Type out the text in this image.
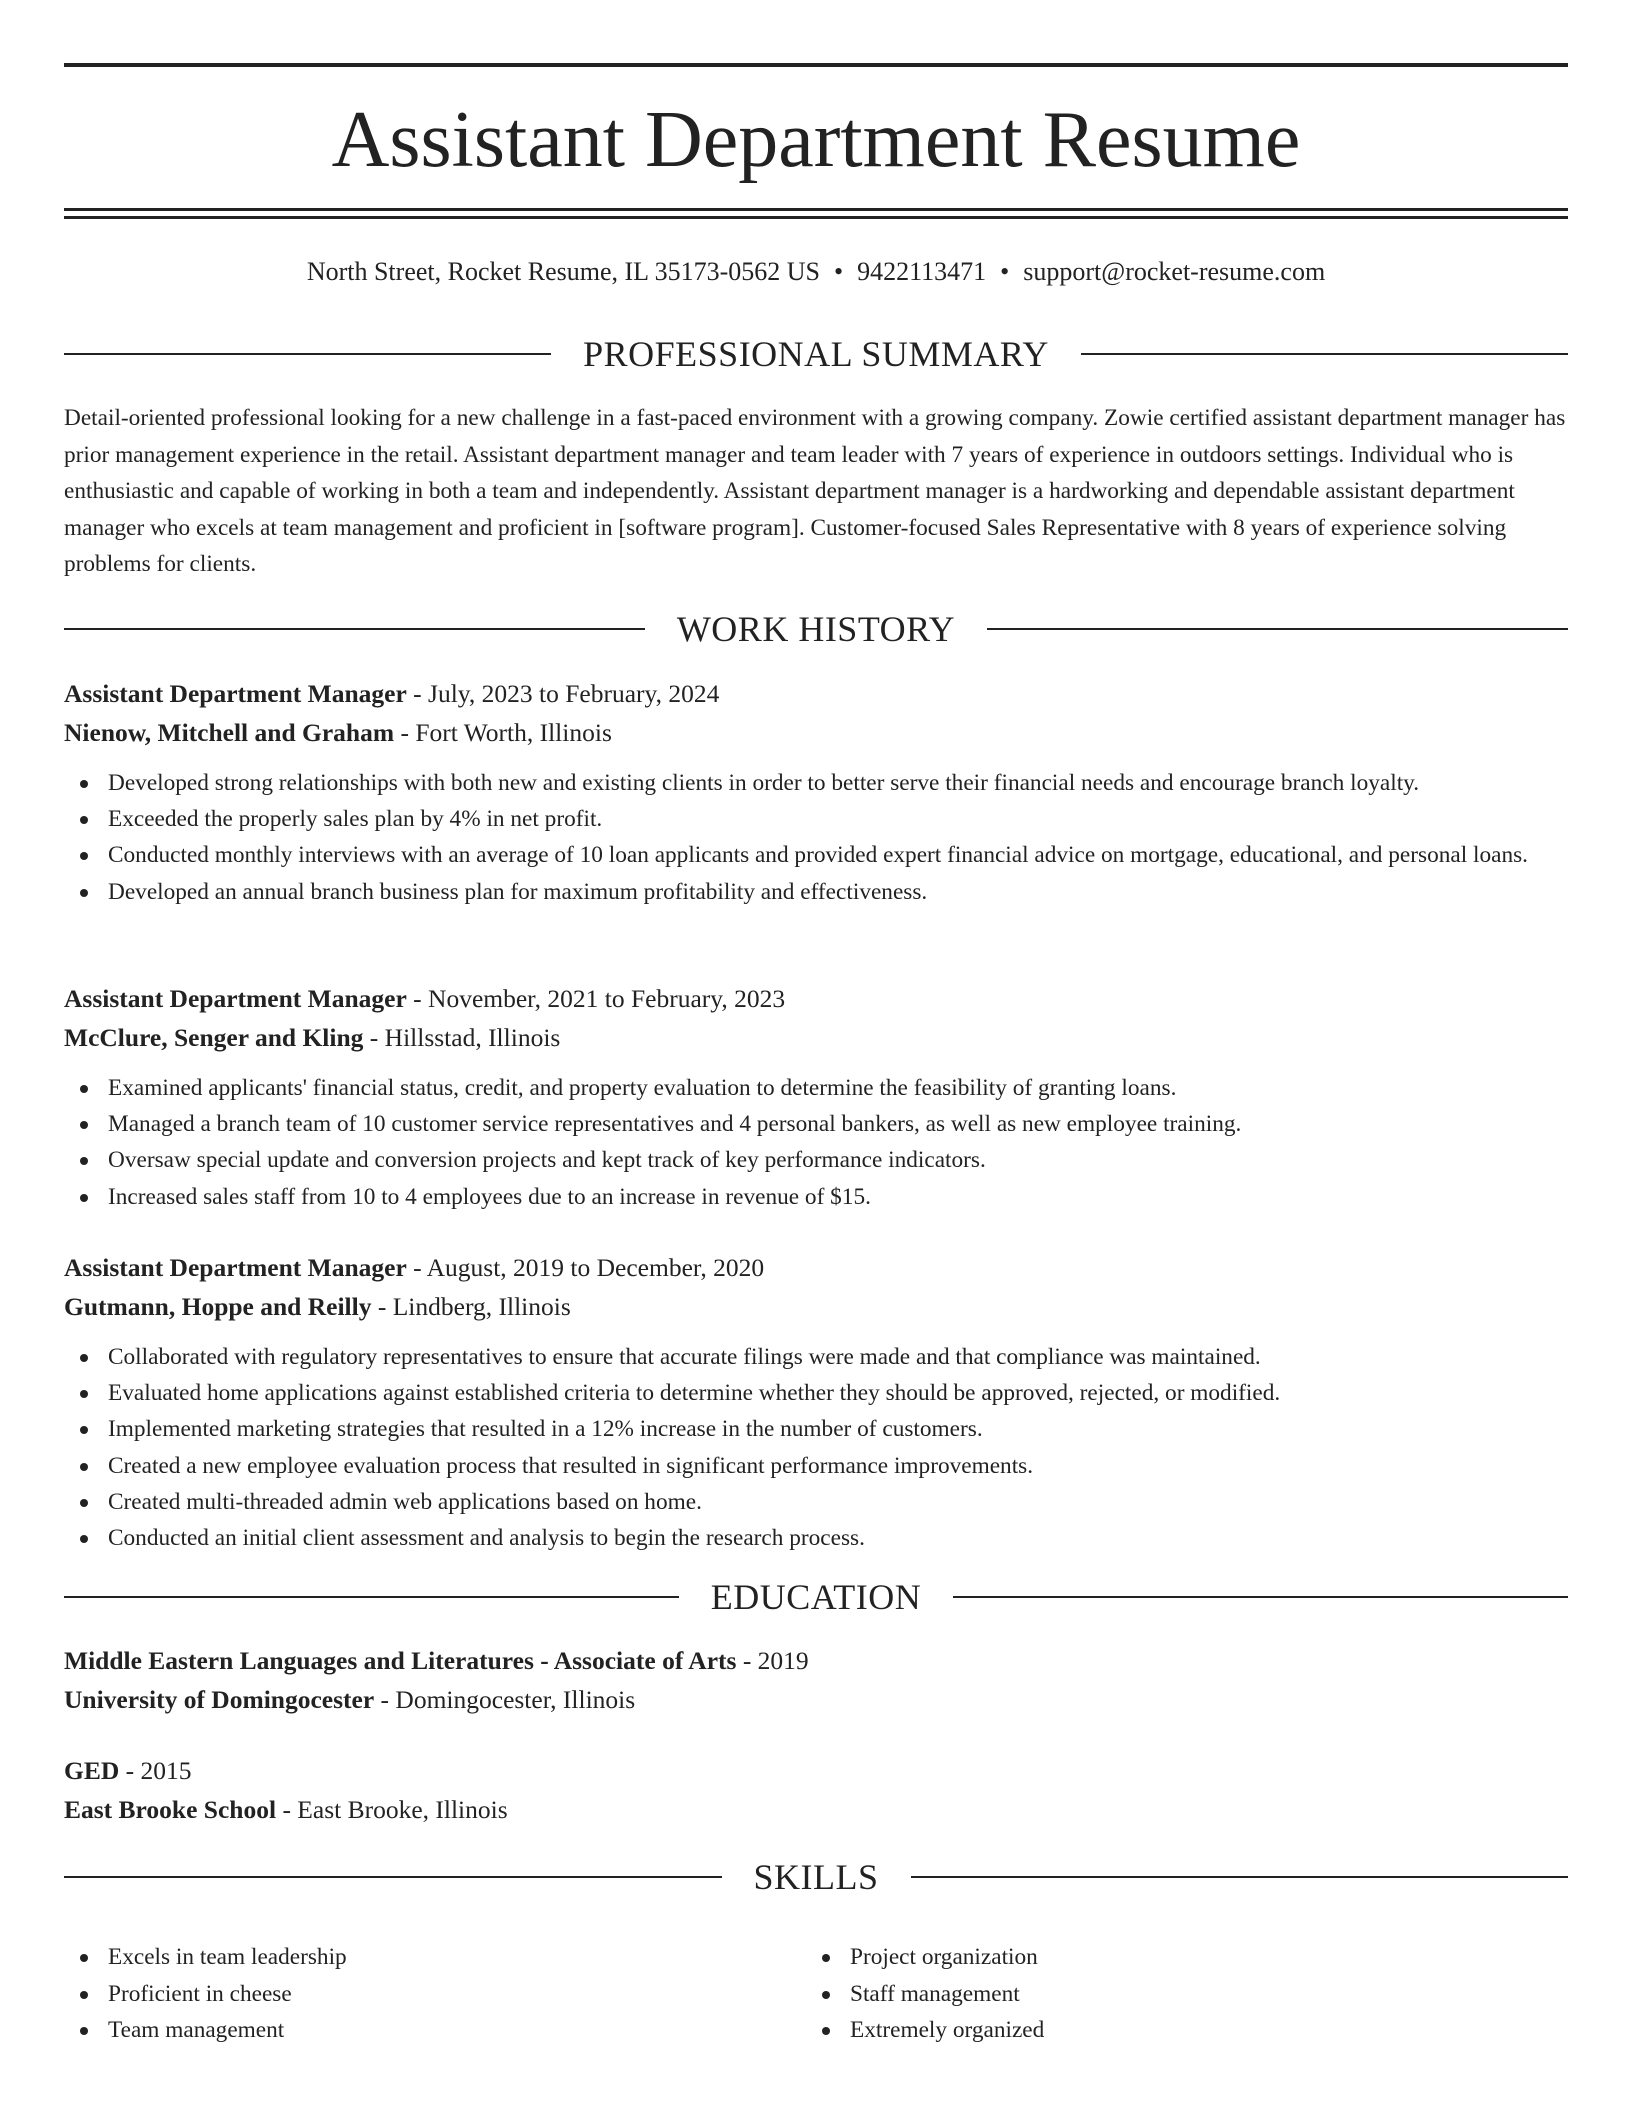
Assistant Department Resume
North Street, Rocket Resume, IL 35173-0562 US • 9422113471 • support@rocket-resume.com
PROFESSIONAL SUMMARY

Detail-oriented professional looking for a new challenge in a fast-paced environment with a growing company. Zowie certified assistant department manager has prior management experience in the retail. Assistant department manager and team leader with 7 years of experience in outdoors settings. Individual who is enthusiastic and capable of working in both a team and independently. Assistant department manager is a hardworking and dependable assistant department manager who excels at team management and proficient in [software program]. Customer-focused Sales Representative with 8 years of experience solving problems for clients.

WORK HISTORY
Assistant Department Manager - July, 2023 to February, 2024
Nienow, Mitchell and Graham - Fort Worth, Illinois
Developed strong relationships with both new and existing clients in order to better serve their financial needs and encourage branch loyalty.
Exceeded the properly sales plan by 4% in net profit.
Conducted monthly interviews with an average of 10 loan applicants and provided expert financial advice on mortgage, educational, and personal loans.
Developed an annual branch business plan for maximum profitability and effectiveness.
Assistant Department Manager - November, 2021 to February, 2023
McClure, Senger and Kling - Hillsstad, Illinois
Examined applicants' financial status, credit, and property evaluation to determine the feasibility of granting loans.
Managed a branch team of 10 customer service representatives and 4 personal bankers, as well as new employee training.
Oversaw special update and conversion projects and kept track of key performance indicators.
Increased sales staff from 10 to 4 employees due to an increase in revenue of $15.
Assistant Department Manager - August, 2019 to December, 2020
Gutmann, Hoppe and Reilly - Lindberg, Illinois
Collaborated with regulatory representatives to ensure that accurate filings were made and that compliance was maintained.
Evaluated home applications against established criteria to determine whether they should be approved, rejected, or modified.
Implemented marketing strategies that resulted in a 12% increase in the number of customers.
Created a new employee evaluation process that resulted in significant performance improvements.
Created multi-threaded admin web applications based on home.
Conducted an initial client assessment and analysis to begin the research process.
EDUCATION
Middle Eastern Languages and Literatures - Associate of Arts - 2019
University of Domingocester - Domingocester, Illinois
GED - 2015
East Brooke School - East Brooke, Illinois
SKILLS
Excels in team leadership
Proficient in cheese
Team management
Project organization
Staff management
Extremely organized
